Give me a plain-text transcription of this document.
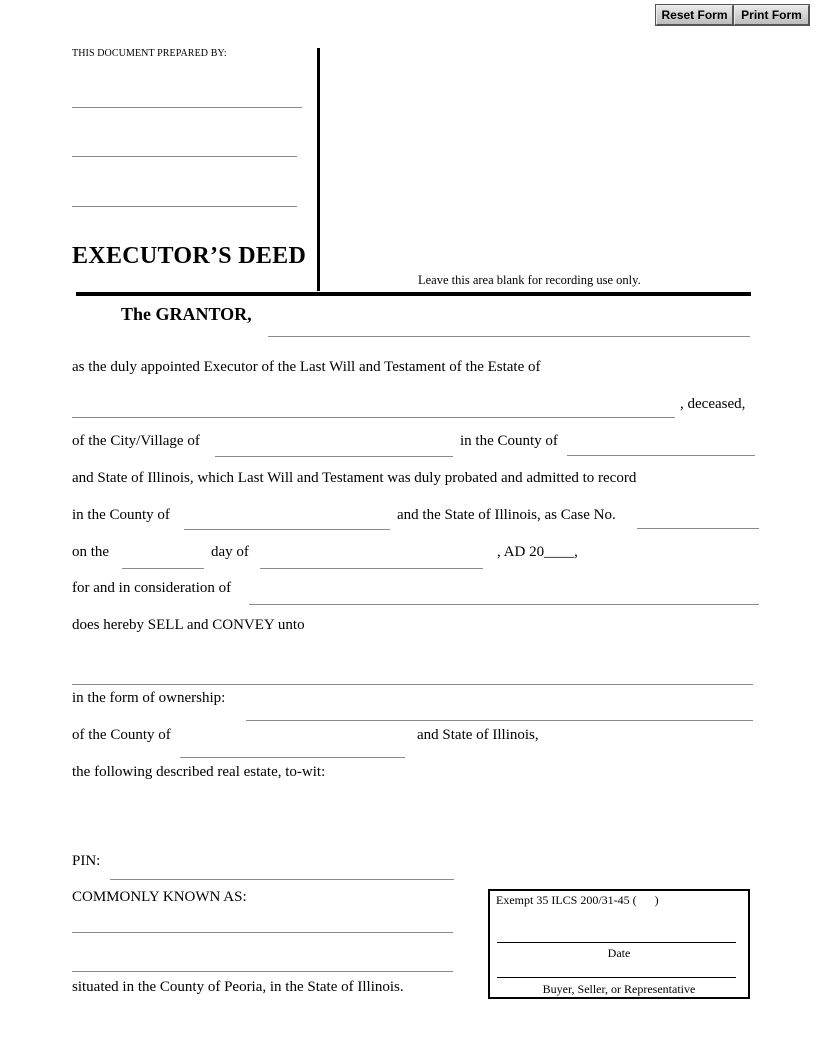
Reset Form	Print Form
THIS DOCUMENT PREPARED BY:
EXECUTOR’S DEED
Leave this area blank for recording use only.
The GRANTOR,
as the duly appointed Executor of the Last Will and Testament of the Estate of
, deceased,
of the City/Village of	in the County of
and State of Illinois, which Last Will and Testament was duly probated and admitted to record
in the County of	and the State of Illinois, as Case No.
on the	day of	, AD 20____,
for and in consideration of
does hereby SELL and CONVEY unto
in the form of ownership:
of the County of	and State of Illinois,
the following described real estate, to-wit:
PIN:
COMMONLY KNOWN AS:
situated in the County of Peoria, in the State of Illinois.
Exempt 35 ILCS 200/31-45 (      )
Date
Buyer, Seller, or Representative
